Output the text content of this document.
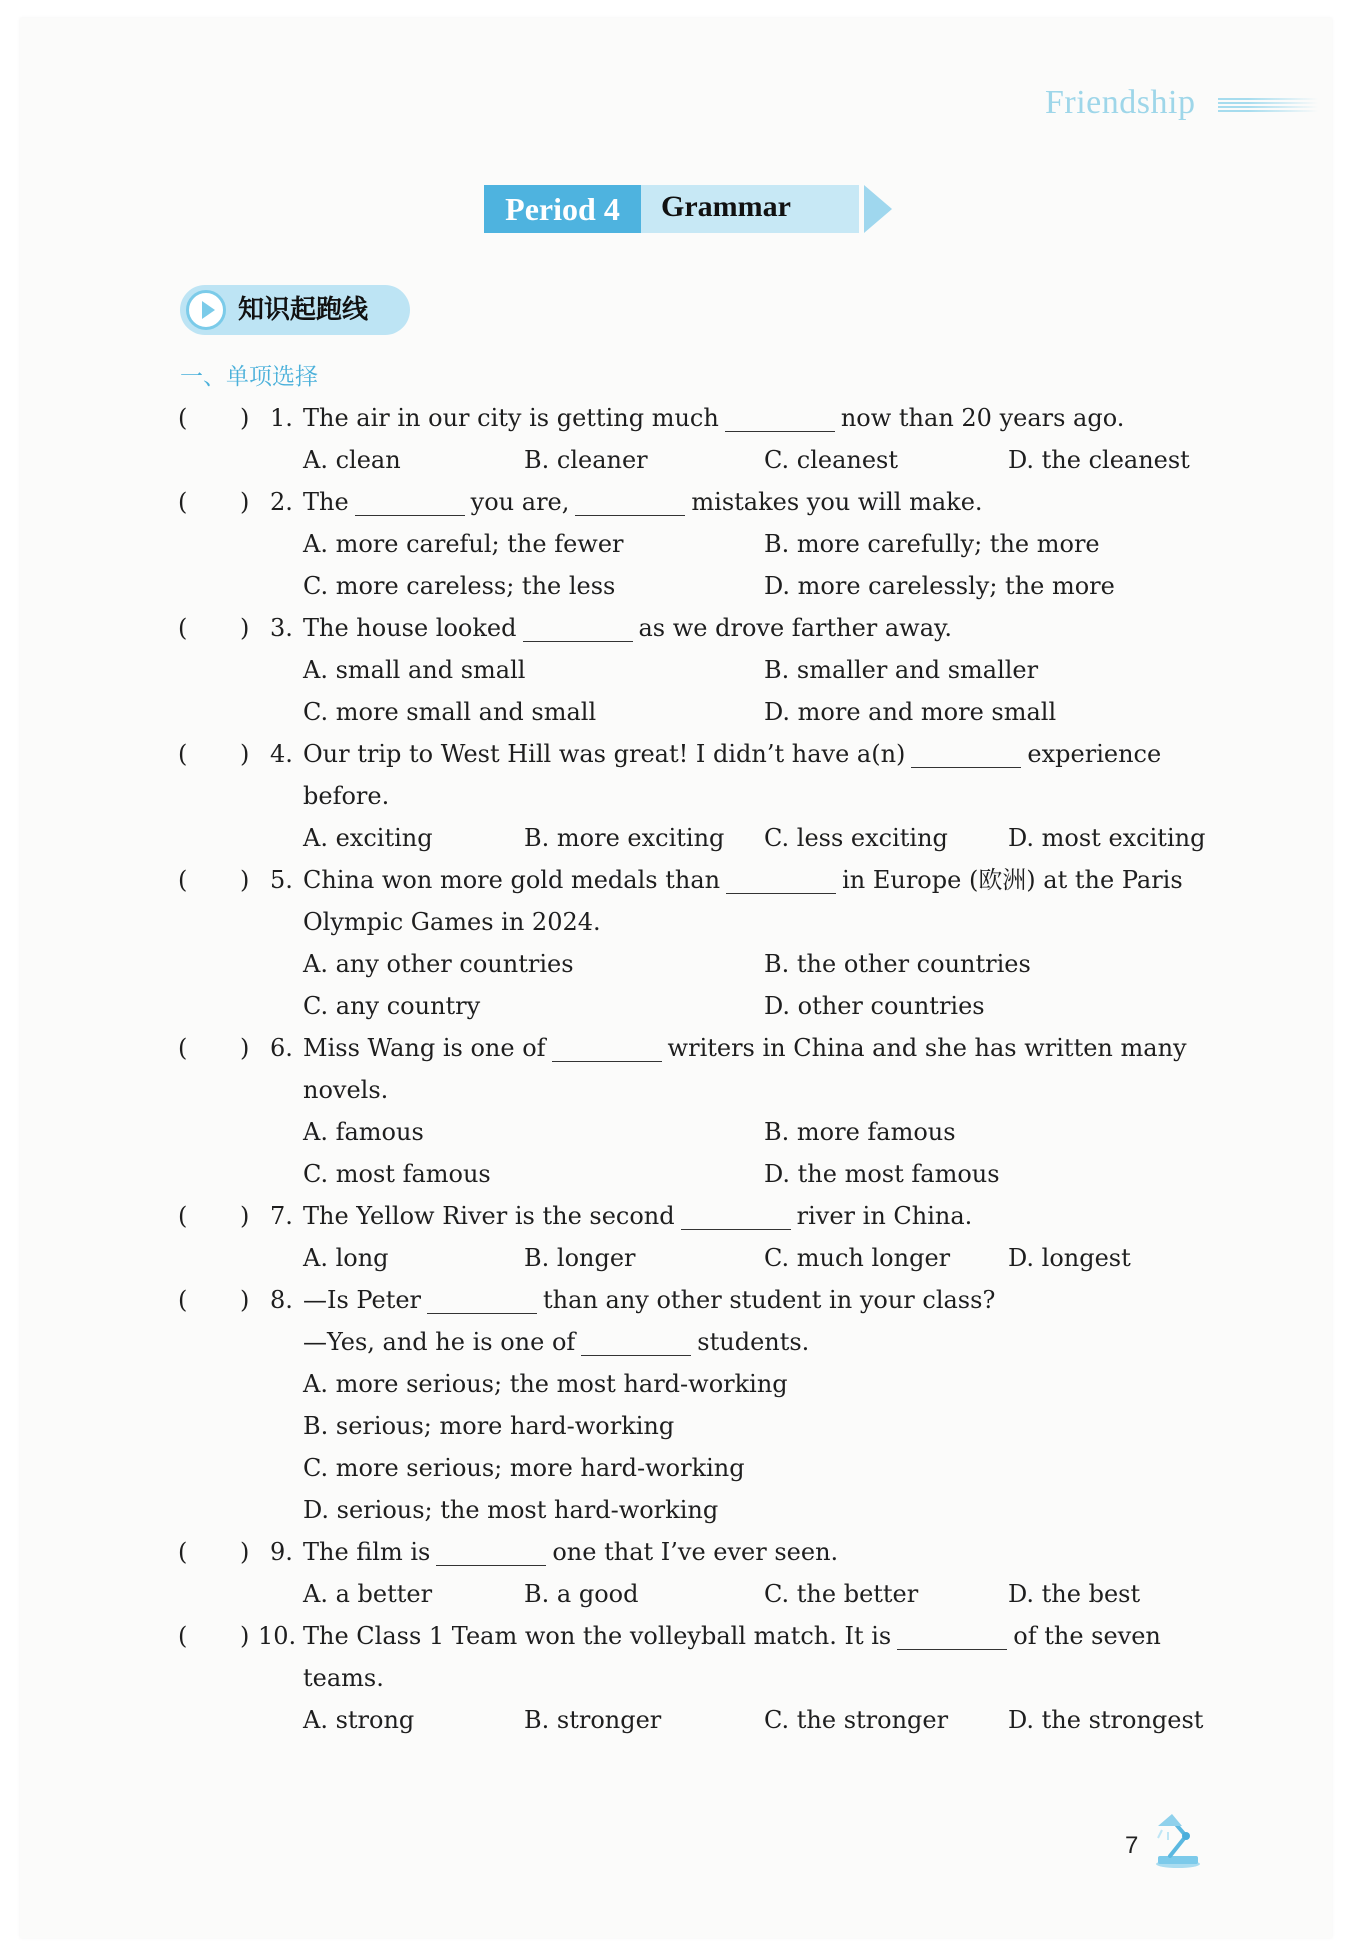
Friendship
Period 4	Grammar
知识起跑线
一、单项选择
( ) 1. The air in our city is getting much	now than 20 years ago.
A. clean	B. cleaner	C. cleanest	D. the cleanest
( ) 2. The	you are,	mistakes you will make.
A. more careful; the fewer	B. more carefully; the more
C. more careless; the less	D. more carelessly; the more
( ) 3. The house looked	as we drove farther away.
A. small and small	B. smaller and smaller
C. more small and small	D. more and more small
( ) 4. Our trip to West Hill was great! I didn’t have a(n)	experience
before.
A. exciting	B. more exciting C. less exciting	D. most exciting
( ) 5. China won more gold medals than	in Europe (欧洲) at the Paris
Olympic Games in 2024.
A. any other countries	B. the other countries
C. any country	D. other countries
( ) 6. Miss Wang is one of	writers in China and she has written many
novels.
A. famous	B. more famous
C. most famous	D. the most famous
( ) 7. The Yellow River is the second	river in China.
A. long	B. longer	C. much longer D. longest
( ) 8. —Is Peter	than any other student in your class?
—Yes, and he is one of	students.
A. more serious; the most hard-working
B. serious; more hard-working
C. more serious; more hard-working
D. serious; the most hard-working
( ) 9. The film is	one that I’ve ever seen.
A. a better	B. a good	C. the better	D. the best
( ) 10. The Class 1 Team won the volleyball match. It is	of the seven
teams.
A. strong	B. stronger	C. the stronger D. the strongest
7
